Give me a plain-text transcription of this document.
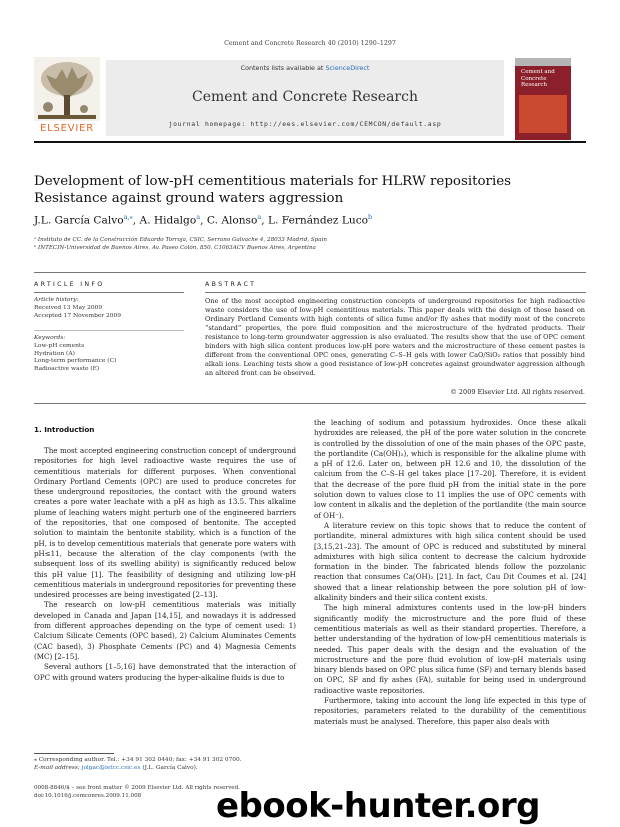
Cement and Concrete Research 40 (2010) 1290–1297
ELSEVIER
Contents lists available at ScienceDirect
Cement and Concrete Research
journal homepage: http://ees.elsevier.com/CEMCON/default.asp
Cement and Concrete Research
Development of low-pH cementitious materials for HLRW repositories
Resistance against ground waters aggression
J.L. García Calvo$^{a,⁎}$, A. Hidalgo$^a$, C. Alonso$^a$, L. Fernández Luco$^b$
ᵃ Instituto de CC. de la Construcción Eduardo Torroja, CSIC, Serrano Galvache 4, 28033 Madrid, Spain
ᵇ INTECIN-Universidad de Buenos Aires, Av. Paseo Colón, 850. C1063ACV Buenos Aires, Argentina
ARTICLE INFO	ABSTRACT
Article history:
Received 13 May 2009
Accepted 17 November 2009
Keywords:
Low-pH cements
Hydration (A)
Long-term performance (C)
Radioactive waste (E)
One of the most accepted engineering construction concepts of underground repositories for high radioactive waste considers the use of low-pH cementitious materials. This paper deals with the design of those based on Ordinary Portland Cements with high contents of silica fume and/or fly ashes that modify most of the concrete “standard” properties, the pore fluid composition and the microstructure of the hydrated products. Their resistance to long-term groundwater aggression is also evaluated. The results show that the use of OPC cement binders with high silica content produces low-pH pore waters and the microstructure of these cement pastes is different from the conventional OPC ones, generating C–S–H gels with lower CaO/SiO₂ ratios that possibly bind alkali ions. Leaching tests show a good resistance of low-pH concretes against groundwater aggression although an altered front can be observed.
© 2009 Elsevier Ltd. All rights reserved.
1. Introduction

The most accepted engineering construction concept of underground repositories for high level radioactive waste requires the use of cementitious materials for different purposes. When conventional Ordinary Portland Cements (OPC) are used to produce concretes for these underground repositories, the contact with the ground waters creates a pore water leachate with a pH as high as 13.5. This alkaline plume of leaching waters might perturb one of the engineered barriers of the repositories, that one composed of bentonite. The accepted solution to maintain the bentonite stability, which is a function of the pH, is to develop cementitious materials that generate pore waters with pH≤11, because the alteration of the clay components (with the subsequent loss of its swelling ability) is significantly reduced below this pH value [1]. The feasibility of designing and utilizing low-pH cementitious materials in underground repositories for preventing these undesired processes are being investigated [2–13].

The research on low-pH cementitious materials was initially developed in Canada and Japan [14,15], and nowadays it is addressed from different approaches depending on the type of cement used: 1) Calcium Silicate Cements (OPC based), 2) Calcium Aluminates Cements (CAC based), 3) Phosphate Cements (PC) and 4) Magnesia Cements (MC) [2–15].

Several authors [1–5,16] have demonstrated that the interaction of OPC with ground waters producing the hyper-alkaline fluids is due to

the leaching of sodium and potassium hydroxides. Once these alkali hydroxides are released, the pH of the pore water solution in the concrete is controlled by the dissolution of one of the main phases of the OPC paste, the portlandite (Ca(OH)₂), which is responsible for the alkaline plume with a pH of 12.6. Later on, between pH 12.6 and 10, the dissolution of the calcium from the C–S–H gel takes place [17–20]. Therefore, it is evident that the decrease of the pore fluid pH from the initial state in the pore solution down to values close to 11 implies the use of OPC cements with low content in alkalis and the depletion of the portlandite (the main source of OH⁻).

A literature review on this topic shows that to reduce the content of portlandite, mineral admixtures with high silica content should be used [3,15,21–23]. The amount of OPC is reduced and substituted by mineral admixtures with high silica content to decrease the calcium hydroxide formation in the binder. The fabricated blends follow the pozzolanic reaction that consumes Ca(OH)₂ [21]. In fact, Cau Dit Coumes et al. [24] showed that a linear relationship between the pore solution pH of low-alkalinity binders and their silica content exists.

The high mineral admixtures contents used in the low-pH binders significantly modify the microstructure and the pore fluid of these cementitious materials as well as their standard properties. Therefore, a better understanding of the hydration of low-pH cementitious materials is needed. This paper deals with the design and the evaluation of the microstructure and the pore fluid evolution of low-pH materials using binary blends based on OPC plus silica fume (SF) and ternary blends based on OPC, SF and fly ashes (FA), suitable for being used in underground radioactive waste repositories.

Furthermore, taking into account the long life expected in this type of repositories, parameters related to the durability of the cementitious materials must be analysed. Therefore, this paper also deals with

⁎ Corresponding author. Tel.: +34 91 302 0440; fax: +34 91 302 0700.
E-mail address: jolgac@ietcc.csic.es (J.L. García Calvo).
0008-8846/$ – see front matter © 2009 Elsevier Ltd. All rights reserved.
doi:10.1016/j.cemconres.2009.11.008	ebook-hunter.org
